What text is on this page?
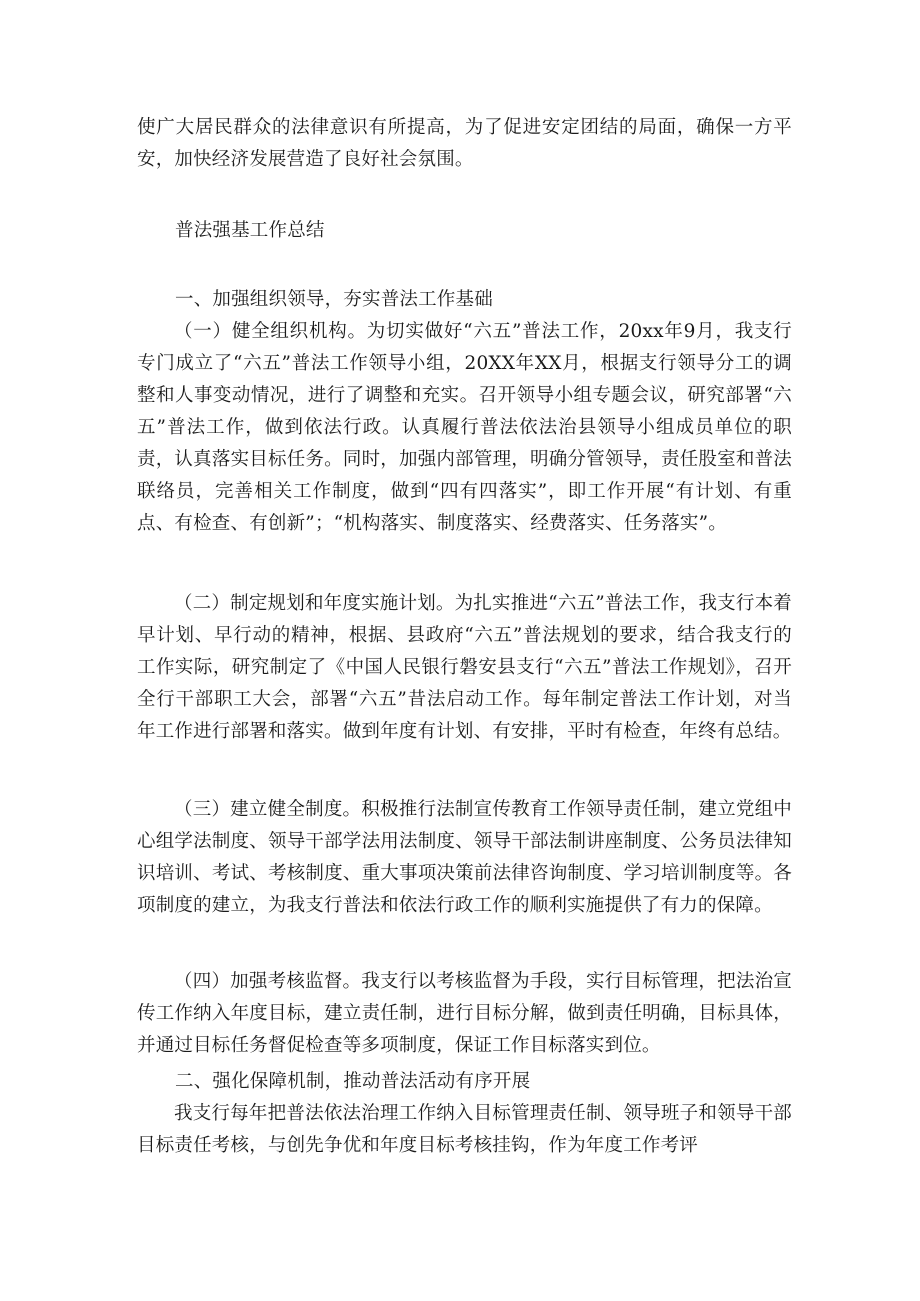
使广大居民群众的法律意识有所提高，为了促进安定团结的局面，确保一方平安，加快经济发展营造了良好社会氛围。

普法强基工作总结

一、加强组织领导，夯实普法工作基础

（一）健全组织机构。为切实做好“六五”普法工作，20xx年9月，我支行专门成立了“六五”普法工作领导小组，20XX年XX月，根据支行领导分工的调整和人事变动情况，进行了调整和充实。召开领导小组专题会议，研究部署“六五”普法工作，做到依法行政。认真履行普法依法治县领导小组成员单位的职责，认真落实目标任务。同时，加强内部管理，明确分管领导，责任股室和普法联络员，完善相关工作制度，做到“四有四落实”，即工作开展“有计划、有重点、有检查、有创新”；“机构落实、制度落实、经费落实、任务落实”。

（二）制定规划和年度实施计划。为扎实推进“六五”普法工作，我支行本着早计划、早行动的精神，根据、县政府“六五”普法规划的要求，结合我支行的工作实际，研究制定了《中国人民银行磐安县支行“六五”普法工作规划》，召开全行干部职工大会，部署“六五”昔法启动工作。每年制定普法工作计划，对当年工作进行部署和落实。做到年度有计划、有安排，平时有检查，年终有总结。

（三）建立健全制度。积极推行法制宣传教育工作领导责任制，建立党组中心组学法制度、领导干部学法用法制度、领导干部法制讲座制度、公务员法律知识培训、考试、考核制度、重大事项决策前法律咨询制度、学习培训制度等。各项制度的建立，为我支行普法和依法行政工作的顺利实施提供了有力的保障。

（四）加强考核监督。我支行以考核监督为手段，实行目标管理，把法治宣传工作纳入年度目标，建立责任制，进行目标分解，做到责任明确，目标具体，并通过目标任务督促检查等多项制度，保证工作目标落实到位。

二、强化保障机制，推动普法活动有序开展

我支行每年把普法依法治理工作纳入目标管理责任制、领导班子和领导干部目标责任考核，与创先争优和年度目标考核挂钩，作为年度工作考评
